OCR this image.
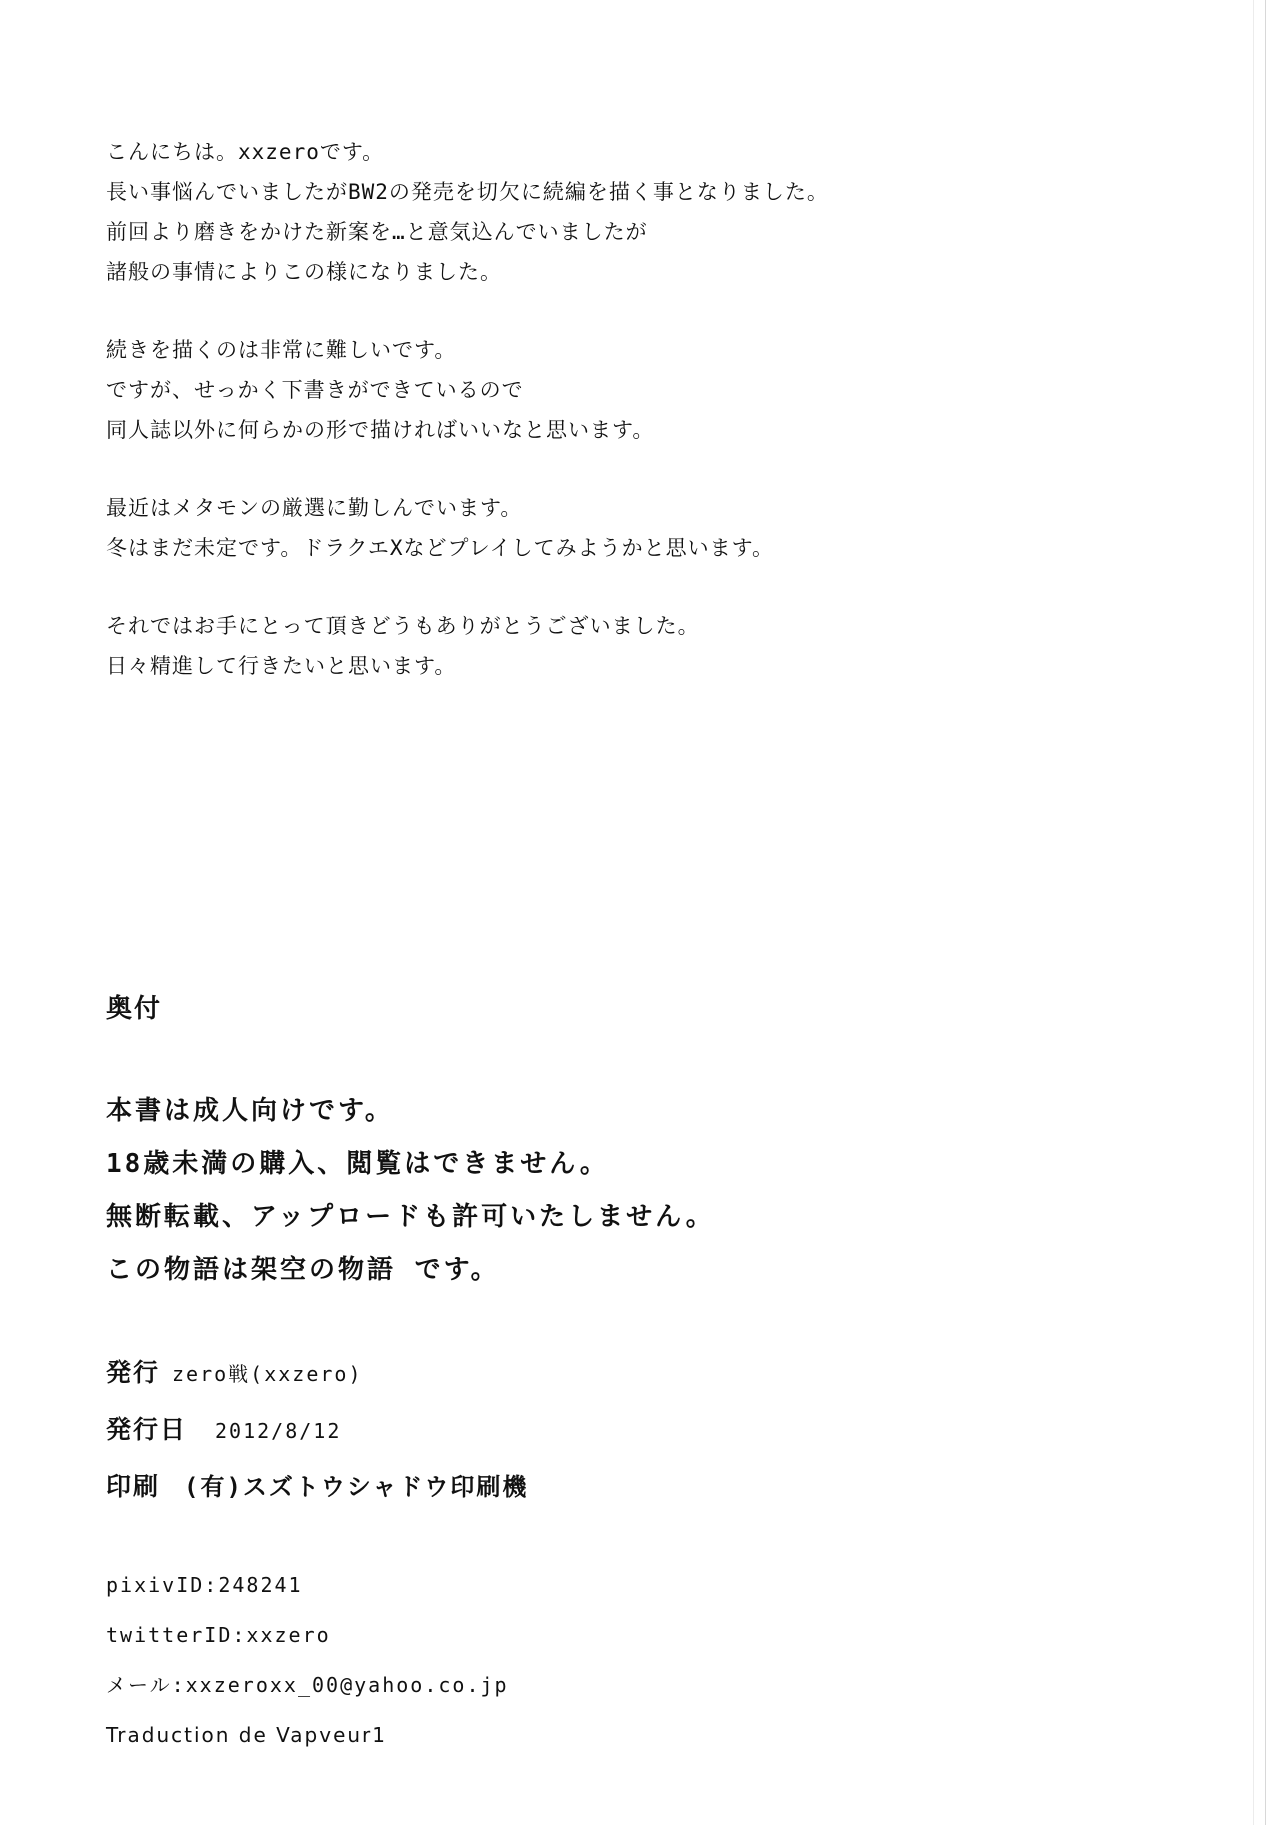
こんにちは。xxzeroです。
長い事悩んでいましたがBW2の発売を切欠に続編を描く事となりました。
前回より磨きをかけた新案を…と意気込んでいましたが
諸般の事情によりこの様になりました。
続きを描くのは非常に難しいです。
ですが、せっかく下書きができているので
同人誌以外に何らかの形で描ければいいなと思います。
最近はメタモンの厳選に勤しんでいます。
冬はまだ未定です。ドラクエXなどプレイしてみようかと思います。
それではお手にとって頂きどうもありがとうございました。
日々精進して行きたいと思います。
奥付
本書は成人向けです。
18歳未満の購入、閲覧はできません。
無断転載、アップロードも許可いたしません。
この物語は架空の物語 です。
発行 zero戦(xxzero)
発行日 2012/8/12
印刷 (有)スズトウシャドウ印刷機
pixivID:248241
twitterID:xxzero
メール:xxzeroxx_00@yahoo.co.jp
Traduction de Vapveur1
